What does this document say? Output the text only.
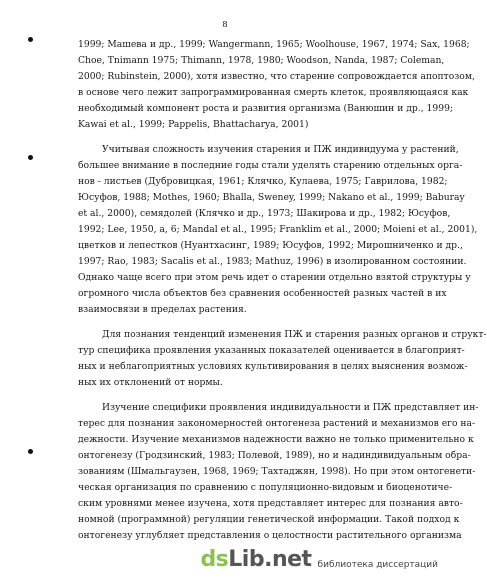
8
1999; Машева и др., 1999; Wangermann, 1965; Woolhouse, 1967, 1974; Sax, 1968;
Choe, Tnimann 1975; Thimann, 1978, 1980; Woodson, Nanda, 1987; Coleman,
2000; Rubinstein, 2000), хотя известно, что старение сопровождается апоптозом,
в основе чего лежит запрограммированная смерть клеток, проявляющаяся как
необходимый компонент роста и развития организма (Ванюшин и др., 1999;
Kawai et al., 1999; Pappelis, Bhattacharya, 2001)
Учитывая сложность изучения старения и ПЖ индивидуума у растений,
большее внимание в последние годы стали уделять старению отдельных орга-
нов - листьев (Дубровицкая, 1961; Клячко, Кулаева, 1975; Гаврилова, 1982;
Юсуфов, 1988; Mothes, 1960; Bhalla, Sweney, 1999; Nakano et al., 1999; Baburay
et al., 2000), семядолей (Клячко и др., 1973; Шакирова и др., 1982; Юсуфов,
1992; Lee, 1950, a, 6; Mandal et al., 1995; Franklim et al., 2000; Moieni et al., 2001),
цветков и лепестков (Нуантхасинг, 1989; Юсуфов, 1992; Мирошниченко и др.,
1997; Rao, 1983; Sacalis et al., 1983; Mathuz, 1996) в изолированном состоянии.
Однако чаще всего при этом речь идет о старении отдельно взятой структуры у
огромного числа объектов без сравнения особенностей разных частей в их
взаимосвязи в пределах растения.
Для познания тенденций изменения ПЖ и старения разных органов и структ-
тур специфика проявления указанных показателей оценивается в благоприят-
ных и неблагоприятных условиях культивирования в целях выяснения возмож-
ных их отклонений от нормы.
Изучение специфики проявления индивидуальности и ПЖ представляет ин-
терес для познания закономерностей онтогенеза растений и механизмов его на-
дежности. Изучение механизмов надежности важно не только применительно к
онтогенезу (Гродзинский, 1983; Полевой, 1989), но и надиндивидуальным обра-
зованиям (Шмальгаузен, 1968, 1969; Тахтаджян, 1998). Но при этом онтогенети-
ческая организация по сравнению с популяционно-видовым и биоценотиче-
ским уровнями менее изучена, хотя представляет интерес для познания авто-
номной (программной) регуляции генетической информации. Такой подход к
онтогенезу углубляет представления о целостности растительного организма
dsLib.net библиотека диссертаций
